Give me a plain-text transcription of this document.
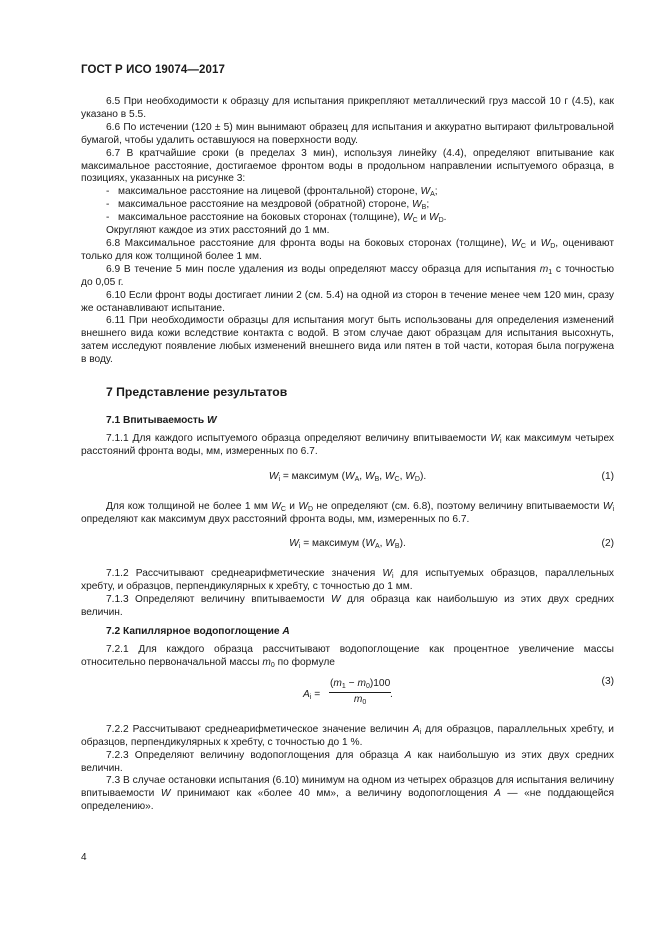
ГОСТ Р ИСО 19074—2017

6.5 При необходимости к образцу для испытания прикрепляют металлический груз массой 10 г (4.5), как указано в 5.5.

6.6 По истечении (120 ± 5) мин вынимают образец для испытания и аккуратно вытирают фильтровальной бумагой, чтобы удалить оставшуюся на поверхности воду.

6.7 В кратчайшие сроки (в пределах 3 мин), используя линейку (4.4), определяют впитывание как максимальное расстояние, достигаемое фронтом воды в продольном направлении испытуемого образца, в позициях, указанных на рисунке 3:

- максимальное расстояние на лицевой (фронтальной) стороне, $W_A$;

- максимальное расстояние на мездровой (обратной) стороне, $W_B$;

- максимальное расстояние на боковых сторонах (толщине), $W_C$ и $W_D$.

Округляют каждое из этих расстояний до 1 мм.

6.8 Максимальное расстояние для фронта воды на боковых сторонах (толщине), $W_C$ и $W_D$, оценивают только для кож толщиной более 1 мм.

6.9 В течение 5 мин после удаления из воды определяют массу образца для испытания $m_1$ с точностью до 0,05 г.

6.10 Если фронт воды достигает линии 2 (см. 5.4) на одной из сторон в течение менее чем 120 мин, сразу же останавливают испытание.

6.11 При необходимости образцы для испытания могут быть использованы для определения изменений внешнего вида кожи вследствие контакта с водой. В этом случае дают образцам для испытания высохнуть, затем исследуют появление любых изменений внешнего вида или пятен в той части, которая была погружена в воду.

7 Представление результатов

7.1 Впитываемость W

7.1.1 Для каждого испытуемого образца определяют величину впитываемости $W_i$ как максимум четырех расстояний фронта воды, мм, измеренных по 6.7.

$W_i$ = максимум ($W_A$, $W_B$, $W_C$, $W_D$).	(1)

Для кож толщиной не более 1 мм $W_C$ и $W_D$ не определяют (см. 6.8), поэтому величину впитываемости $W_i$ определяют как максимум двух расстояний фронта воды, мм, измеренных по 6.7.

$W_i$ = максимум ($W_A$, $W_B$).	(2)

7.1.2 Рассчитывают среднеарифметические значения $W_i$ для испытуемых образцов, параллельных хребту, и образцов, перпендикулярных к хребту, с точностью до 1 мм.

7.1.3 Определяют величину впитываемости W для образца как наибольшую из этих двух средних величин.

7.2 Капиллярное водопоглощение A

7.2.1 Для каждого образца рассчитывают водопоглощение как процентное увеличение массы относительно первоначальной массы $m_0$ по формуле

$A_i = \frac{(m_1 - m_0)100}{m_0}$
.
(3)

7.2.2 Рассчитывают среднеарифметическое значение величин $A_i$ для образцов, параллельных хребту, и образцов, перпендикулярных к хребту, с точностью до 1 %.

7.2.3 Определяют величину водопоглощения для образца A как наибольшую из этих двух средних величин.

7.3 В случае остановки испытания (6.10) минимум на одном из четырех образцов для испытания величину впитываемости W принимают как «более 40 мм», а величину водопоглощения A — «не поддающейся определению».

4
